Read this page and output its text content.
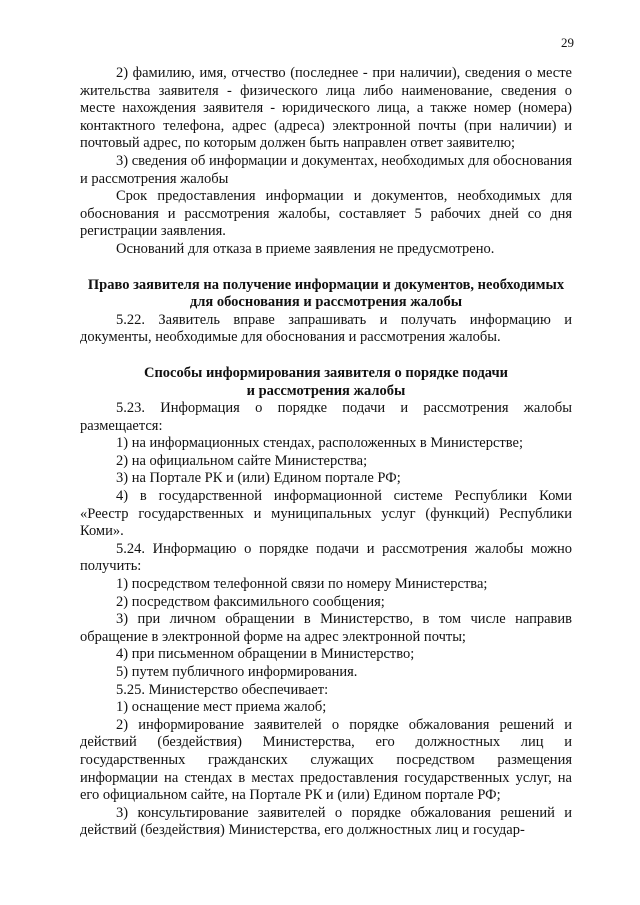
29

2) фамилию, имя, отчество (последнее - при наличии), сведения о месте жительства заявителя - физического лица либо наименование, сведения о месте нахождения заявителя - юридического лица, а также номер (номера) контактного телефона, адрес (адреса) электронной почты (при наличии) и почтовый адрес, по которым должен быть направлен ответ заявителю;

3) сведения об информации и документах, необходимых для обоснования и рассмотрения жалобы

Срок предоставления информации и документов, необходимых для обоснования и рассмотрения жалобы, составляет 5 рабочих дней со дня регистрации заявления.

Оснований для отказа в приеме заявления не предусмотрено.

Право заявителя на получение информации и документов, необходимых для обоснования и рассмотрения жалобы

5.22. Заявитель вправе запрашивать и получать информацию и документы, необходимые для обоснования и рассмотрения жалобы.

Способы информирования заявителя о порядке подачи
и рассмотрения жалобы

5.23. Информация о порядке подачи и рассмотрения жалобы размещается:

1) на информационных стендах, расположенных в Министерстве;

2) на официальном сайте Министерства;

3) на Портале РК и (или) Едином портале РФ;

4) в государственной информационной системе Республики Коми «Реестр государственных и муниципальных услуг (функций) Республики Коми».

5.24. Информацию о порядке подачи и рассмотрения жалобы можно получить:

1) посредством телефонной связи по номеру Министерства;

2) посредством факсимильного сообщения;

3) при личном обращении в Министерство, в том числе направив обращение в электронной форме на адрес электронной почты;

4) при письменном обращении в Министерство;

5) путем публичного информирования.

5.25. Министерство обеспечивает:

1) оснащение мест приема жалоб;

2) информирование заявителей о порядке обжалования решений и действий (бездействия) Министерства, его должностных лиц и государственных гражданских служащих посредством размещения информации на стендах в местах предоставления государственных услуг, на его официальном сайте, на Портале РК и (или) Едином портале РФ;

3) консультирование заявителей о порядке обжалования решений и действий (бездействия) Министерства, его должностных лиц и государ-
